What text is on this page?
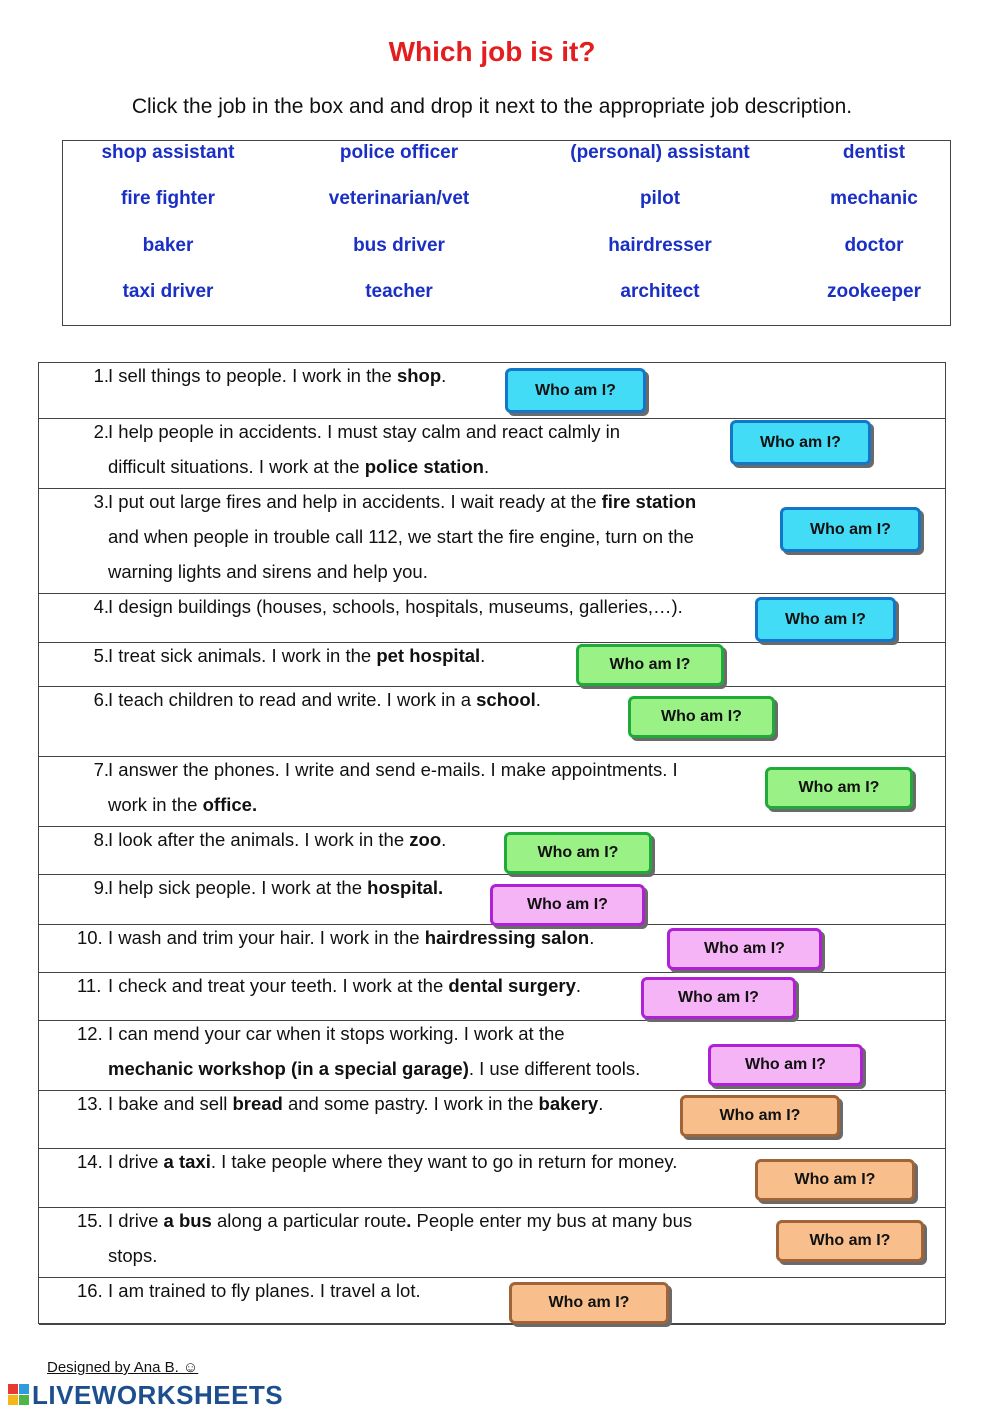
Which job is it?
Click the job in the box and and drop it next to the appropriate job description.
shop assistant	police officer	(personal) assistant	dentist
fire fighter	veterinarian/vet	pilot	mechanic
baker	bus driver	hairdresser	doctor
taxi driver	teacher	architect	zookeeper
1. I sell things to people. I work in the shop.
Who am I?
2. I help people in accidents. I must stay calm and react calmly in
difficult situations. I work at the police station.
Who am I?
3. I put out large fires and help in accidents. I wait ready at the fire station
and when people in trouble call 112, we start the fire engine, turn on the
warning lights and sirens and help you.
Who am I?
4. I design buildings (houses, schools, hospitals, museums, galleries,…).
Who am I?
5. I treat sick animals. I work in the pet hospital.	Who am I?
6. I teach children to read and write. I work in a school.
Who am I?
7. I answer the phones. I write and send e-mails. I make appointments. I
work in the office.
Who am I?
8. I look after the animals. I work in the zoo.
Who am I?
9. I help sick people. I work at the hospital.
Who am I?
10. I wash and trim your hair. I work in the hairdressing salon.
Who am I?
11. I check and treat your teeth. I work at the dental surgery.
Who am I?
12. I can mend your car when it stops working. I work at the
mechanic workshop (in a special garage). I use different tools.	Who am I?
13. I bake and sell bread and some pastry. I work in the bakery.
Who am I?
14. I drive a taxi. I take people where they want to go in return for money.
Who am I?
15. I drive a bus along a particular route. People enter my bus at many bus
stops.
Who am I?
16. I am trained to fly planes. I travel a lot.
Who am I?
Designed by Ana B. ☺
LIVEWORKSHEETS
